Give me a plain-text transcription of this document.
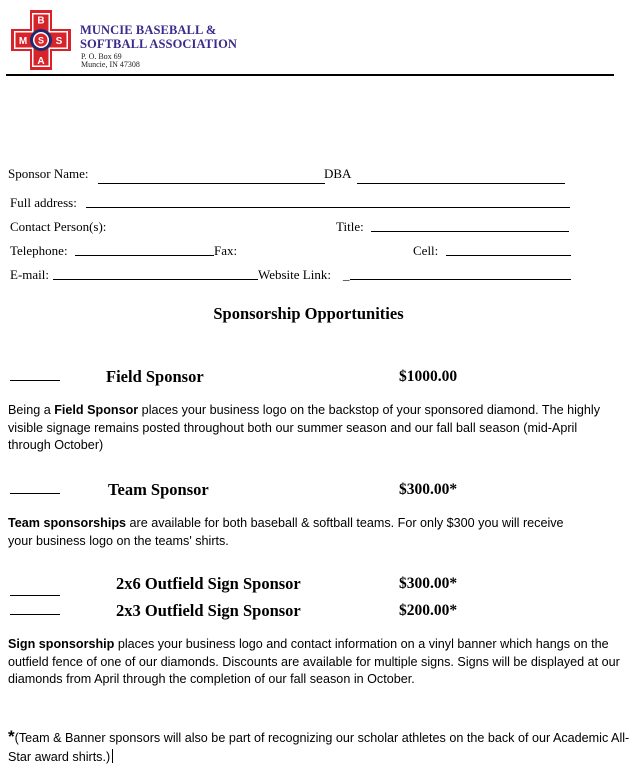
B
M S S
A
MUNCIE BASEBALL &
SOFTBALL ASSOCIATION
P. O. Box 69
Muncie, IN 47308
Sponsor Name:	DBA
Full address:
Contact Person(s):	Title:
Telephone:	Fax:	Cell:
E-mail:	Website Link: _
Sponsorship Opportunities
Field Sponsor	$1000.00
Being a Field Sponsor places your business logo on the backstop of your sponsored diamond. The highly visible signage remains posted throughout both our summer season and our fall ball season (mid-April through October)
Team Sponsor	$300.00*
Team sponsorships are available for both baseball & softball teams. For only $300 you will receive your business logo on the teams' shirts.
2x6 Outfield Sign Sponsor	$300.00*
2x3 Outfield Sign Sponsor	$200.00*
Sign sponsorship places your business logo and contact information on a vinyl banner which hangs on the outfield fence of one of our diamonds. Discounts are available for multiple signs. Signs will be displayed at our diamonds from April through the completion of our fall season in October.
*(Team & Banner sponsors will also be part of recognizing our scholar athletes on the back of our Academic All-Star award shirts.)
